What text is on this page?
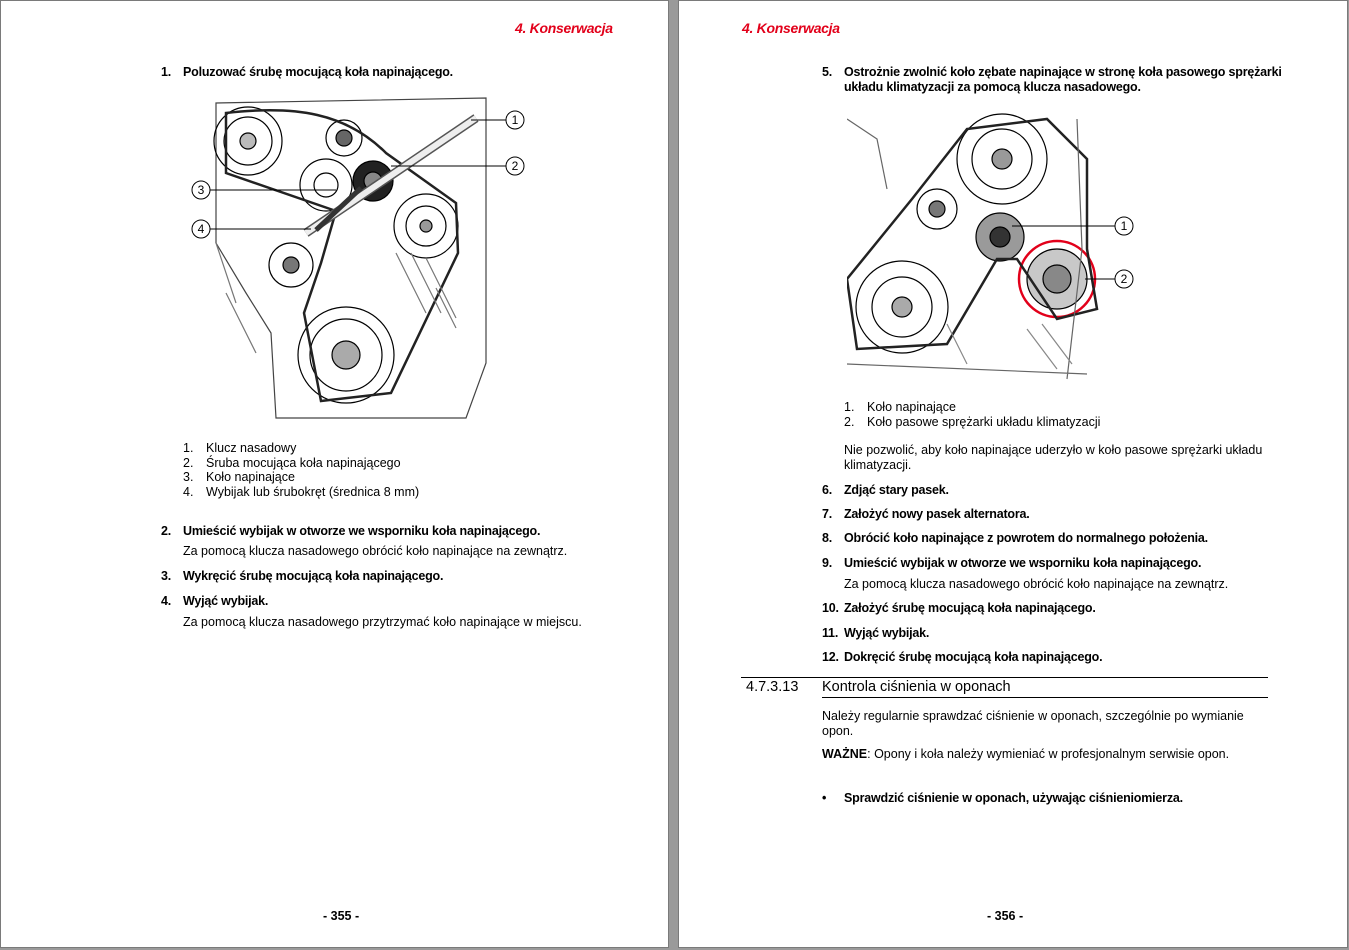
4. Konserwacja
1. Poluzować śrubę mocującą koła napinającego.
1
2
3
4
1. Klucz nasadowy
2. Śruba mocująca koła napinającego
3. Koło napinające
4. Wybijak lub śrubokręt (średnica 8 mm)
2. Umieścić wybijak w otworze we wsporniku koła napinającego.
Za pomocą klucza nasadowego obrócić koło napinające na zewnątrz.
3. Wykręcić śrubę mocującą koła napinającego.
4. Wyjąć wybijak.
Za pomocą klucza nasadowego przytrzymać koło napinające w miejscu.
- 355 -
4. Konserwacja
5. Ostrożnie zwolnić koło zębate napinające w stronę koła pasowego sprężarki
układu klimatyzacji za pomocą klucza nasadowego.
1
2
1. Koło napinające
2. Koło pasowe sprężarki układu klimatyzacji
Nie pozwolić, aby koło napinające uderzyło w koło pasowe sprężarki układu
klimatyzacji.
6. Zdjąć stary pasek.
7. Założyć nowy pasek alternatora.
8. Obrócić koło napinające z powrotem do normalnego położenia.
9. Umieścić wybijak w otworze we wsporniku koła napinającego.
Za pomocą klucza nasadowego obrócić koło napinające na zewnątrz.
10. Założyć śrubę mocującą koła napinającego.
11. Wyjąć wybijak.
12. Dokręcić śrubę mocującą koła napinającego.
4.7.3.13 Kontrola ciśnienia w oponach
Należy regularnie sprawdzać ciśnienie w oponach, szczególnie po wymianie
opon.
WAŻNE: Opony i koła należy wymieniać w profesjonalnym serwisie opon.
• Sprawdzić ciśnienie w oponach, używając ciśnieniomierza.
- 356 -
